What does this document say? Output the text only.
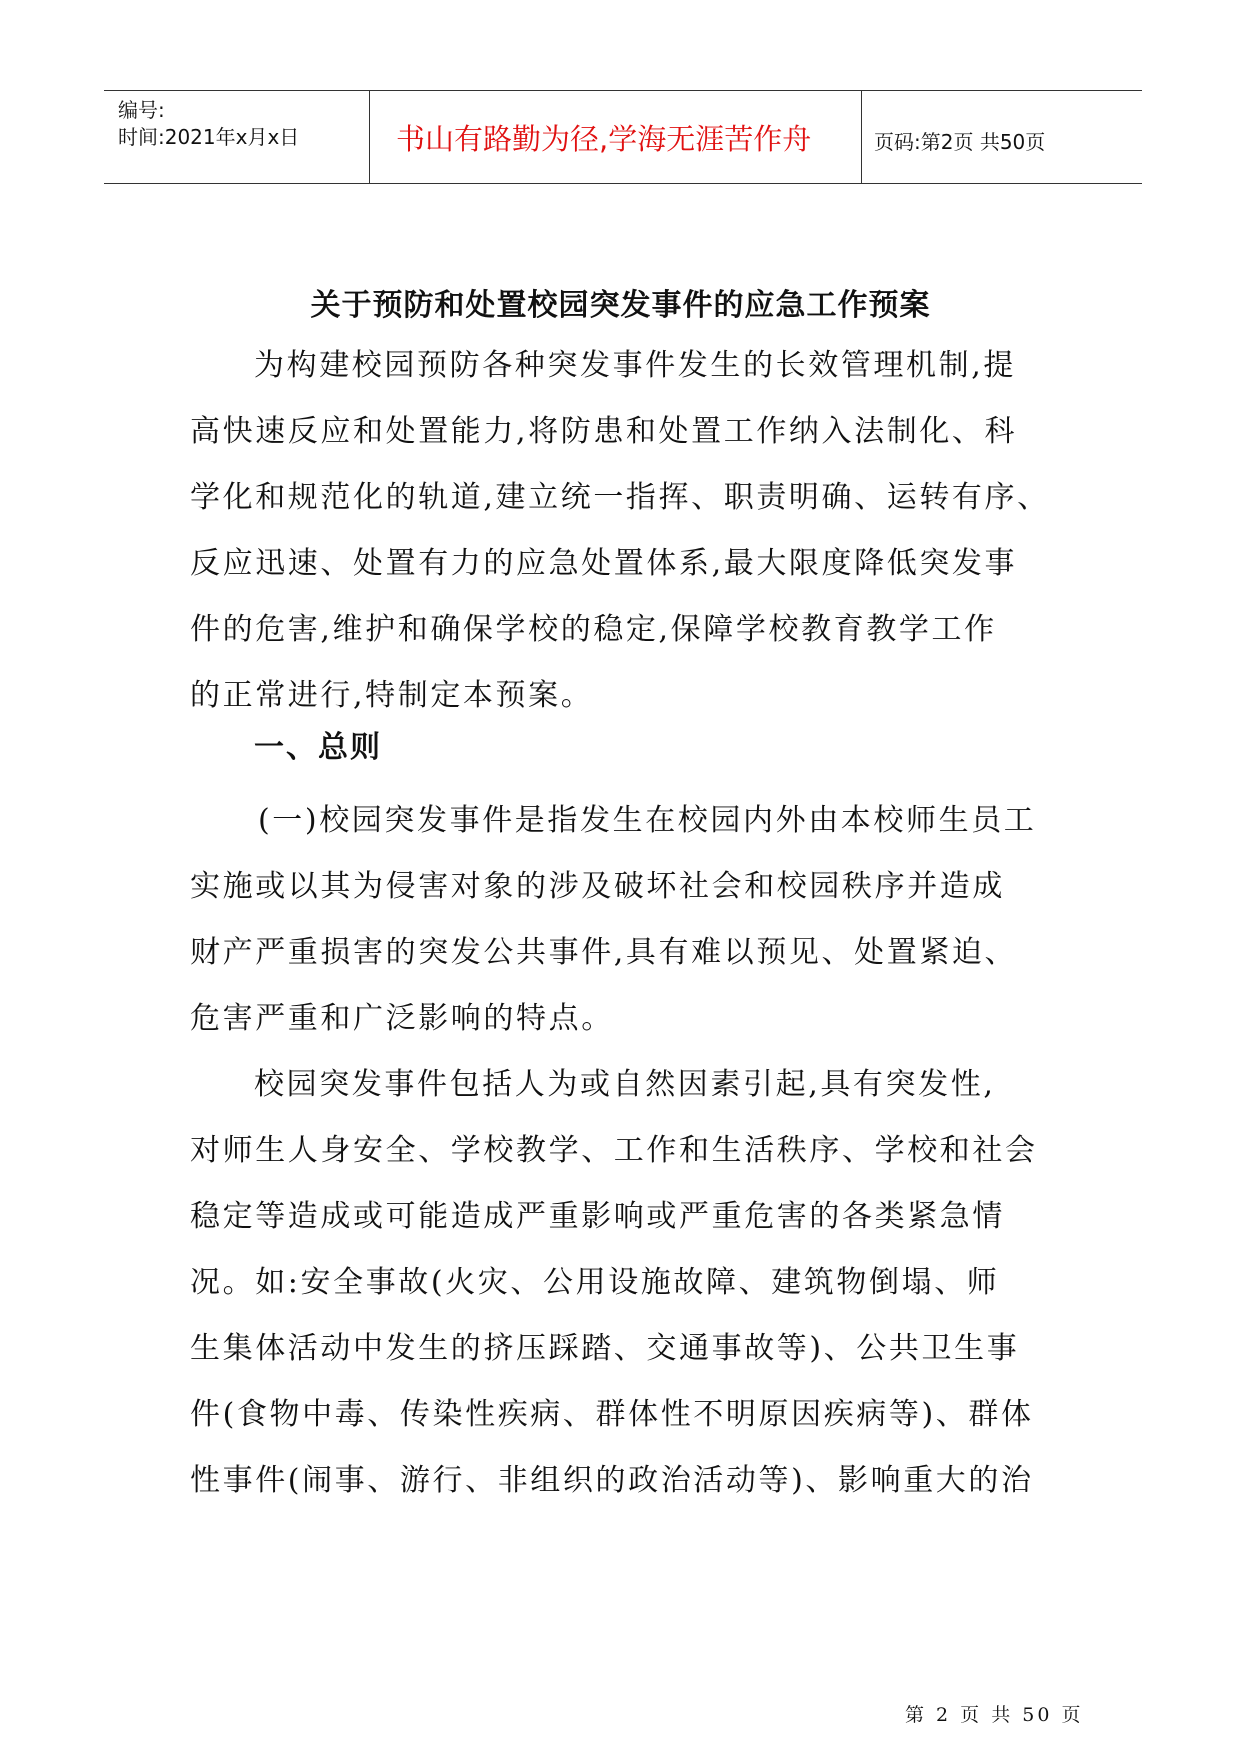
编号:
时间:2021年x月x日	书山有路勤为径,学海无涯苦作舟	页码:第2页 共50页
关于预防和处置校园突发事件的应急工作预案

为构建校园预防各种突发事件发生的长效管理机制,提

高快速反应和处置能力,将防患和处置工作纳入法制化、科

学化和规范化的轨道,建立统一指挥、职责明确、运转有序、

反应迅速、处置有力的应急处置体系,最大限度降低突发事

件的危害,维护和确保学校的稳定,保障学校教育教学工作

的正常进行,特制定本预案。

一、总则

(一)校园突发事件是指发生在校园内外由本校师生员工

实施或以其为侵害对象的涉及破坏社会和校园秩序并造成

财产严重损害的突发公共事件,具有难以预见、处置紧迫、

危害严重和广泛影响的特点。

校园突发事件包括人为或自然因素引起,具有突发性,

对师生人身安全、学校教学、工作和生活秩序、学校和社会

稳定等造成或可能造成严重影响或严重危害的各类紧急情

况。如:安全事故(火灾、公用设施故障、建筑物倒塌、师

生集体活动中发生的挤压踩踏、交通事故等)、公共卫生事

件(食物中毒、传染性疾病、群体性不明原因疾病等)、群体

性事件(闹事、游行、非组织的政治活动等)、影响重大的治

第 2 页 共 50 页
